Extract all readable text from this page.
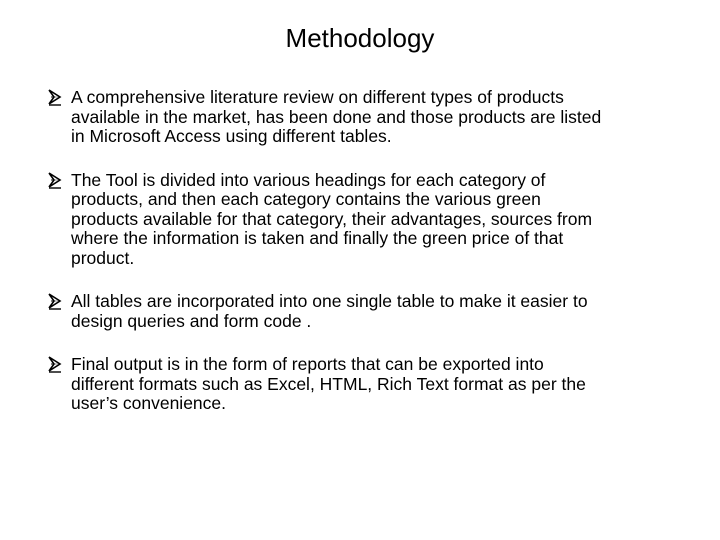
Methodology
A comprehensive literature review on different types of products
available in the market, has been done and those products are listed
in Microsoft Access using different tables.
The Tool is divided into various headings for each category of
products, and then each category contains the various green
products available for that category, their advantages, sources from
where the information is taken and finally the green price of that
product.
All tables are incorporated into one single table to make it easier to
design queries and form code .
Final output is in the form of reports that can be exported into
different formats such as Excel, HTML, Rich Text format as per the
user’s convenience.
